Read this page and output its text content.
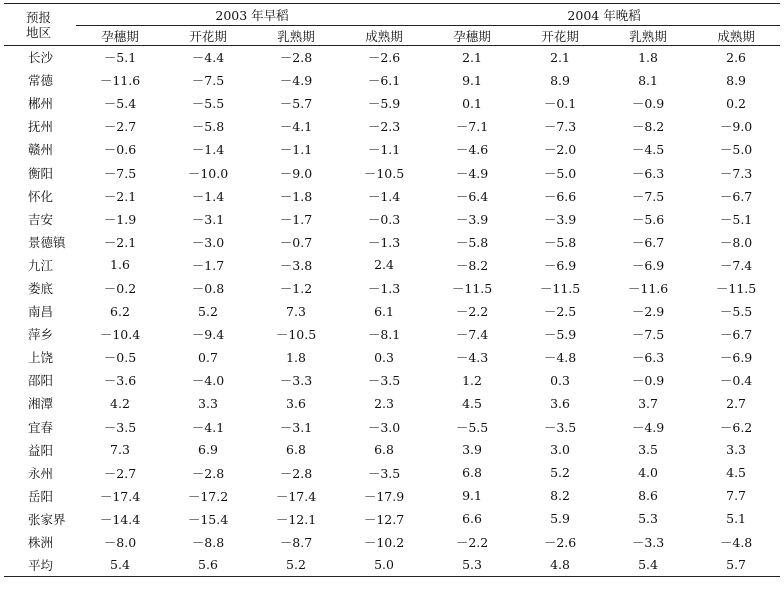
预报
地区	2003 年早稻				2004 年晚稻			
	孕穗期	开花期	乳熟期	成熟期	孕穗期	开花期	乳熟期	成熟期
长沙	－5.1	－4.4	－2.8	－2.6	2.1	2.1	1.8	2.6
常德	－11.6	－7.5	－4.9	－6.1	9.1	8.9	8.1	8.9
郴州	－5.4	－5.5	－5.7	－5.9	0.1	－0.1	－0.9	0.2
抚州	－2.7	－5.8	－4.1	－2.3	－7.1	－7.3	－8.2	－9.0
赣州	－0.6	－1.4	－1.1	－1.1	－4.6	－2.0	－4.5	－5.0
衡阳	－7.5	－10.0	－9.0	－10.5	－4.9	－5.0	－6.3	－7.3
怀化	－2.1	－1.4	－1.8	－1.4	－6.4	－6.6	－7.5	－6.7
吉安	－1.9	－3.1	－1.7	－0.3	－3.9	－3.9	－5.6	－5.1
景德镇	－2.1	－3.0	－0.7	－1.3	－5.8	－5.8	－6.7	－8.0
九江	1.6	－1.7	－3.8	2.4	－8.2	－6.9	－6.9	－7.4
娄底	－0.2	－0.8	－1.2	－1.3	－11.5	－11.5	－11.6	－11.5
南昌	6.2	5.2	7.3	6.1	－2.2	－2.5	－2.9	－5.5
萍乡	－10.4	－9.4	－10.5	－8.1	－7.4	－5.9	－7.5	－6.7
上饶	－0.5	0.7	1.8	0.3	－4.3	－4.8	－6.3	－6.9
邵阳	－3.6	－4.0	－3.3	－3.5	1.2	0.3	－0.9	－0.4
湘潭	4.2	3.3	3.6	2.3	4.5	3.6	3.7	2.7
宜春	－3.5	－4.1	－3.1	－3.0	－5.5	－3.5	－4.9	－6.2
益阳	7.3	6.9	6.8	6.8	3.9	3.0	3.5	3.3
永州	－2.7	－2.8	－2.8	－3.5	6.8	5.2	4.0	4.5
岳阳	－17.4	－17.2	－17.4	－17.9	9.1	8.2	8.6	7.7
张家界	－14.4	－15.4	－12.1	－12.7	6.6	5.9	5.3	5.1
株洲	－8.0	－8.8	－8.7	－10.2	－2.2	－2.6	－3.3	－4.8
平均	5.4	5.6	5.2	5.0	5.3	4.8	5.4	5.7
